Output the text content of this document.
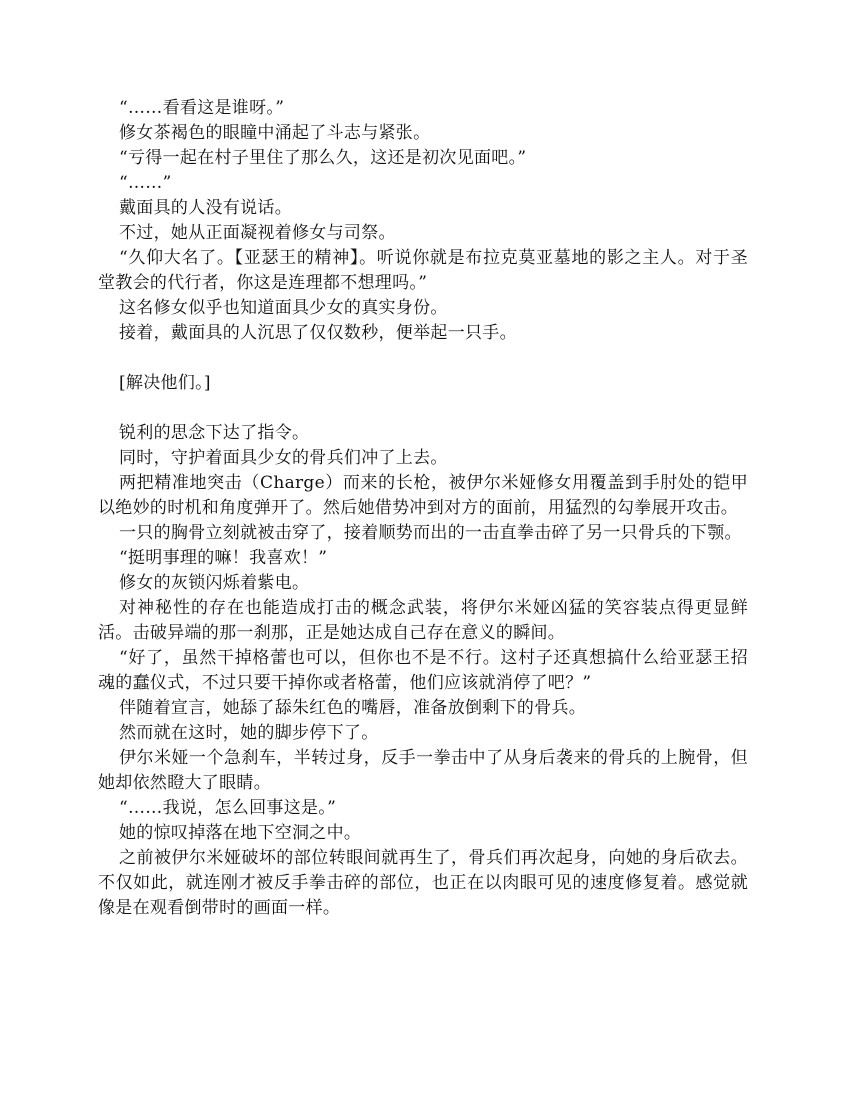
“……看看这是谁呀。”

修女茶褐色的眼瞳中涌起了斗志与紧张。

“亏得一起在村子里住了那么久，这还是初次见面吧。”

“……”

戴面具的人没有说话。

不过，她从正面凝视着修女与司祭。

“久仰大名了。【亚瑟王的精神】。听说你就是布拉克莫亚墓地的影之主人。对于圣堂教会的代行者，你这是连理都不想理吗。”

这名修女似乎也知道面具少女的真实身份。

接着，戴面具的人沉思了仅仅数秒，便举起一只手。

[解决他们。]

锐利的思念下达了指令。

同时，守护着面具少女的骨兵们冲了上去。

两把精准地突击（Charge）而来的长枪，被伊尔米娅修女用覆盖到手肘处的铠甲以绝妙的时机和角度弹开了。然后她借势冲到对方的面前，用猛烈的勾拳展开攻击。

一只的胸骨立刻就被击穿了，接着顺势而出的一击直拳击碎了另一只骨兵的下颚。

“挺明事理的嘛！我喜欢！”

修女的灰锁闪烁着紫电。

对神秘性的存在也能造成打击的概念武装，将伊尔米娅凶猛的笑容装点得更显鲜活。击破异端的那一刹那，正是她达成自己存在意义的瞬间。

“好了，虽然干掉格蕾也可以，但你也不是不行。这村子还真想搞什么给亚瑟王招魂的蠢仪式，不过只要干掉你或者格蕾，他们应该就消停了吧？”

伴随着宣言，她舔了舔朱红色的嘴唇，准备放倒剩下的骨兵。

然而就在这时，她的脚步停下了。

伊尔米娅一个急刹车，半转过身，反手一拳击中了从身后袭来的骨兵的上腕骨，但她却依然瞪大了眼睛。

“……我说，怎么回事这是。”

她的惊叹掉落在地下空洞之中。

之前被伊尔米娅破坏的部位转眼间就再生了，骨兵们再次起身，向她的身后砍去。不仅如此，就连刚才被反手拳击碎的部位，也正在以肉眼可见的速度修复着。感觉就像是在观看倒带时的画面一样。
